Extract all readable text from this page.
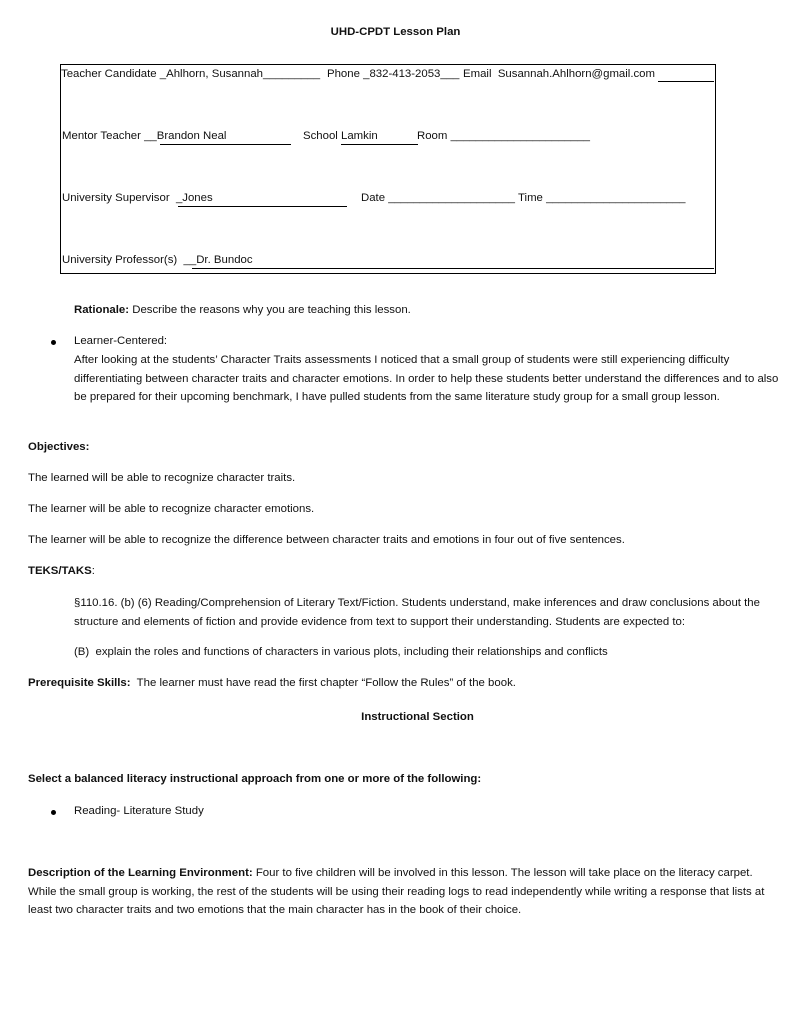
UHD-CPDT Lesson Plan
Teacher Candidate _Ahlhorn, Susannah_________ Phone _832-413-2053___ Email  Susannah.Ahlhorn@gmail.com
Mentor Teacher __Brandon Neal	School Lamkin	Room ______________________
University Supervisor  _Jones	Date ____________________ Time ______________________
University Professor(s)  __Dr. Bundoc
Rationale: Describe the reasons why you are teaching this lesson.
Learner-Centered:
After looking at the students’ Character Traits assessments I noticed that a small group of students were still experiencing difficulty differentiating between character traits and character emotions. In order to help these students better understand the differences and to also be prepared for their upcoming benchmark, I have pulled students from the same literature study group for a small group lesson.
Objectives:
The learned will be able to recognize character traits.
The learner will be able to recognize character emotions.
The learner will be able to recognize the difference between character traits and emotions in four out of five sentences.
TEKS/TAKS:
§110.16. (b) (6) Reading/Comprehension of Literary Text/Fiction. Students understand, make inferences and draw conclusions about the structure and elements of fiction and provide evidence from text to support their understanding. Students are expected to:
(B)  explain the roles and functions of characters in various plots, including their relationships and conflicts
Prerequisite Skills:  The learner must have read the first chapter “Follow the Rules” of the book.
Instructional Section
Select a balanced literacy instructional approach from one or more of the following:
Reading- Literature Study
Description of the Learning Environment: Four to five children will be involved in this lesson. The lesson will take place on the literacy carpet. While the small group is working, the rest of the students will be using their reading logs to read independently while writing a response that lists at least two character traits and two emotions that the main character has in the book of their choice.
